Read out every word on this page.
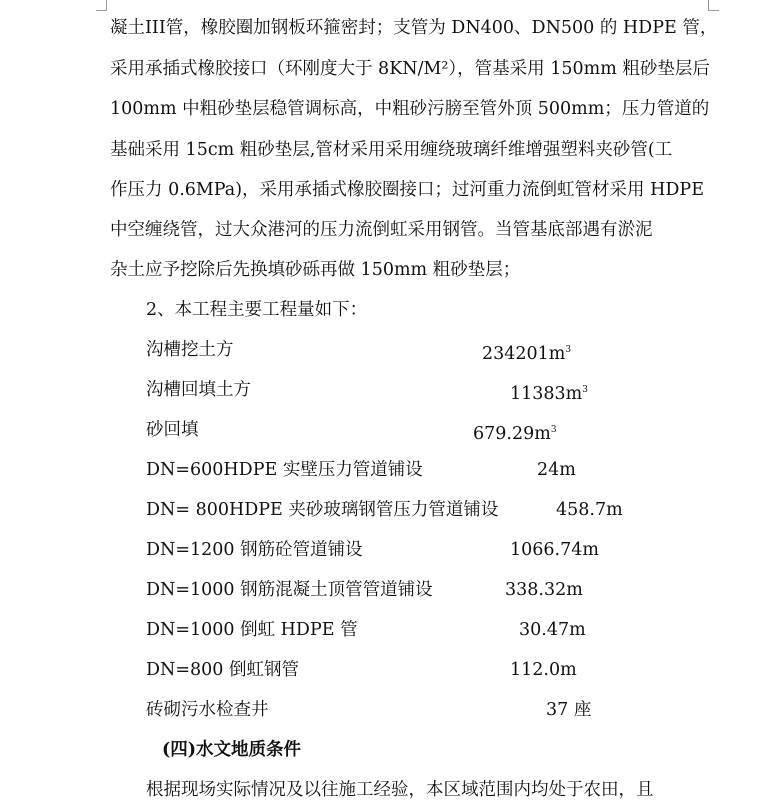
凝土III管，橡胶圈加钢板环箍密封；支管为 DN400、DN500 的 HDPE 管，
采用承插式橡胶接口（环刚度大于 8KN/M²），管基采用 150mm 粗砂垫层后
100mm 中粗砂垫层稳管调标高，中粗砂污膀至管外顶 500mm；压力管道的
基础采用 15cm 粗砂垫层,管材采用采用缠绕玻璃纤维增强塑料夹砂管(工
作压力 0.6MPa)，采用承插式橡胶圈接口；过河重力流倒虹管材采用 HDPE
中空缠绕管，过大众港河的压力流倒虹采用钢管。当管基底部遇有淤泥
杂土应予挖除后先换填砂砾再做 150mm 粗砂垫层；
2、本工程主要工程量如下：
沟槽挖土方	$234201m^3$
沟槽回填土方	$11383m^3$
砂回填	$679.29m^3$
DN=600HDPE 实壁压力管道铺设	24m
DN= 800HDPE 夹砂玻璃钢管压力管道铺设	458.7m
DN=1200 钢筋砼管道铺设	1066.74m
DN=1000 钢筋混凝土顶管管道铺设	338.32m
DN=1000 倒虹 HDPE 管	30.47m
DN=800 倒虹钢管	112.0m
砖砌污水检查井	37 座
(四)水文地质条件
根据现场实际情况及以往施工经验，本区域范围内均处于农田，且
